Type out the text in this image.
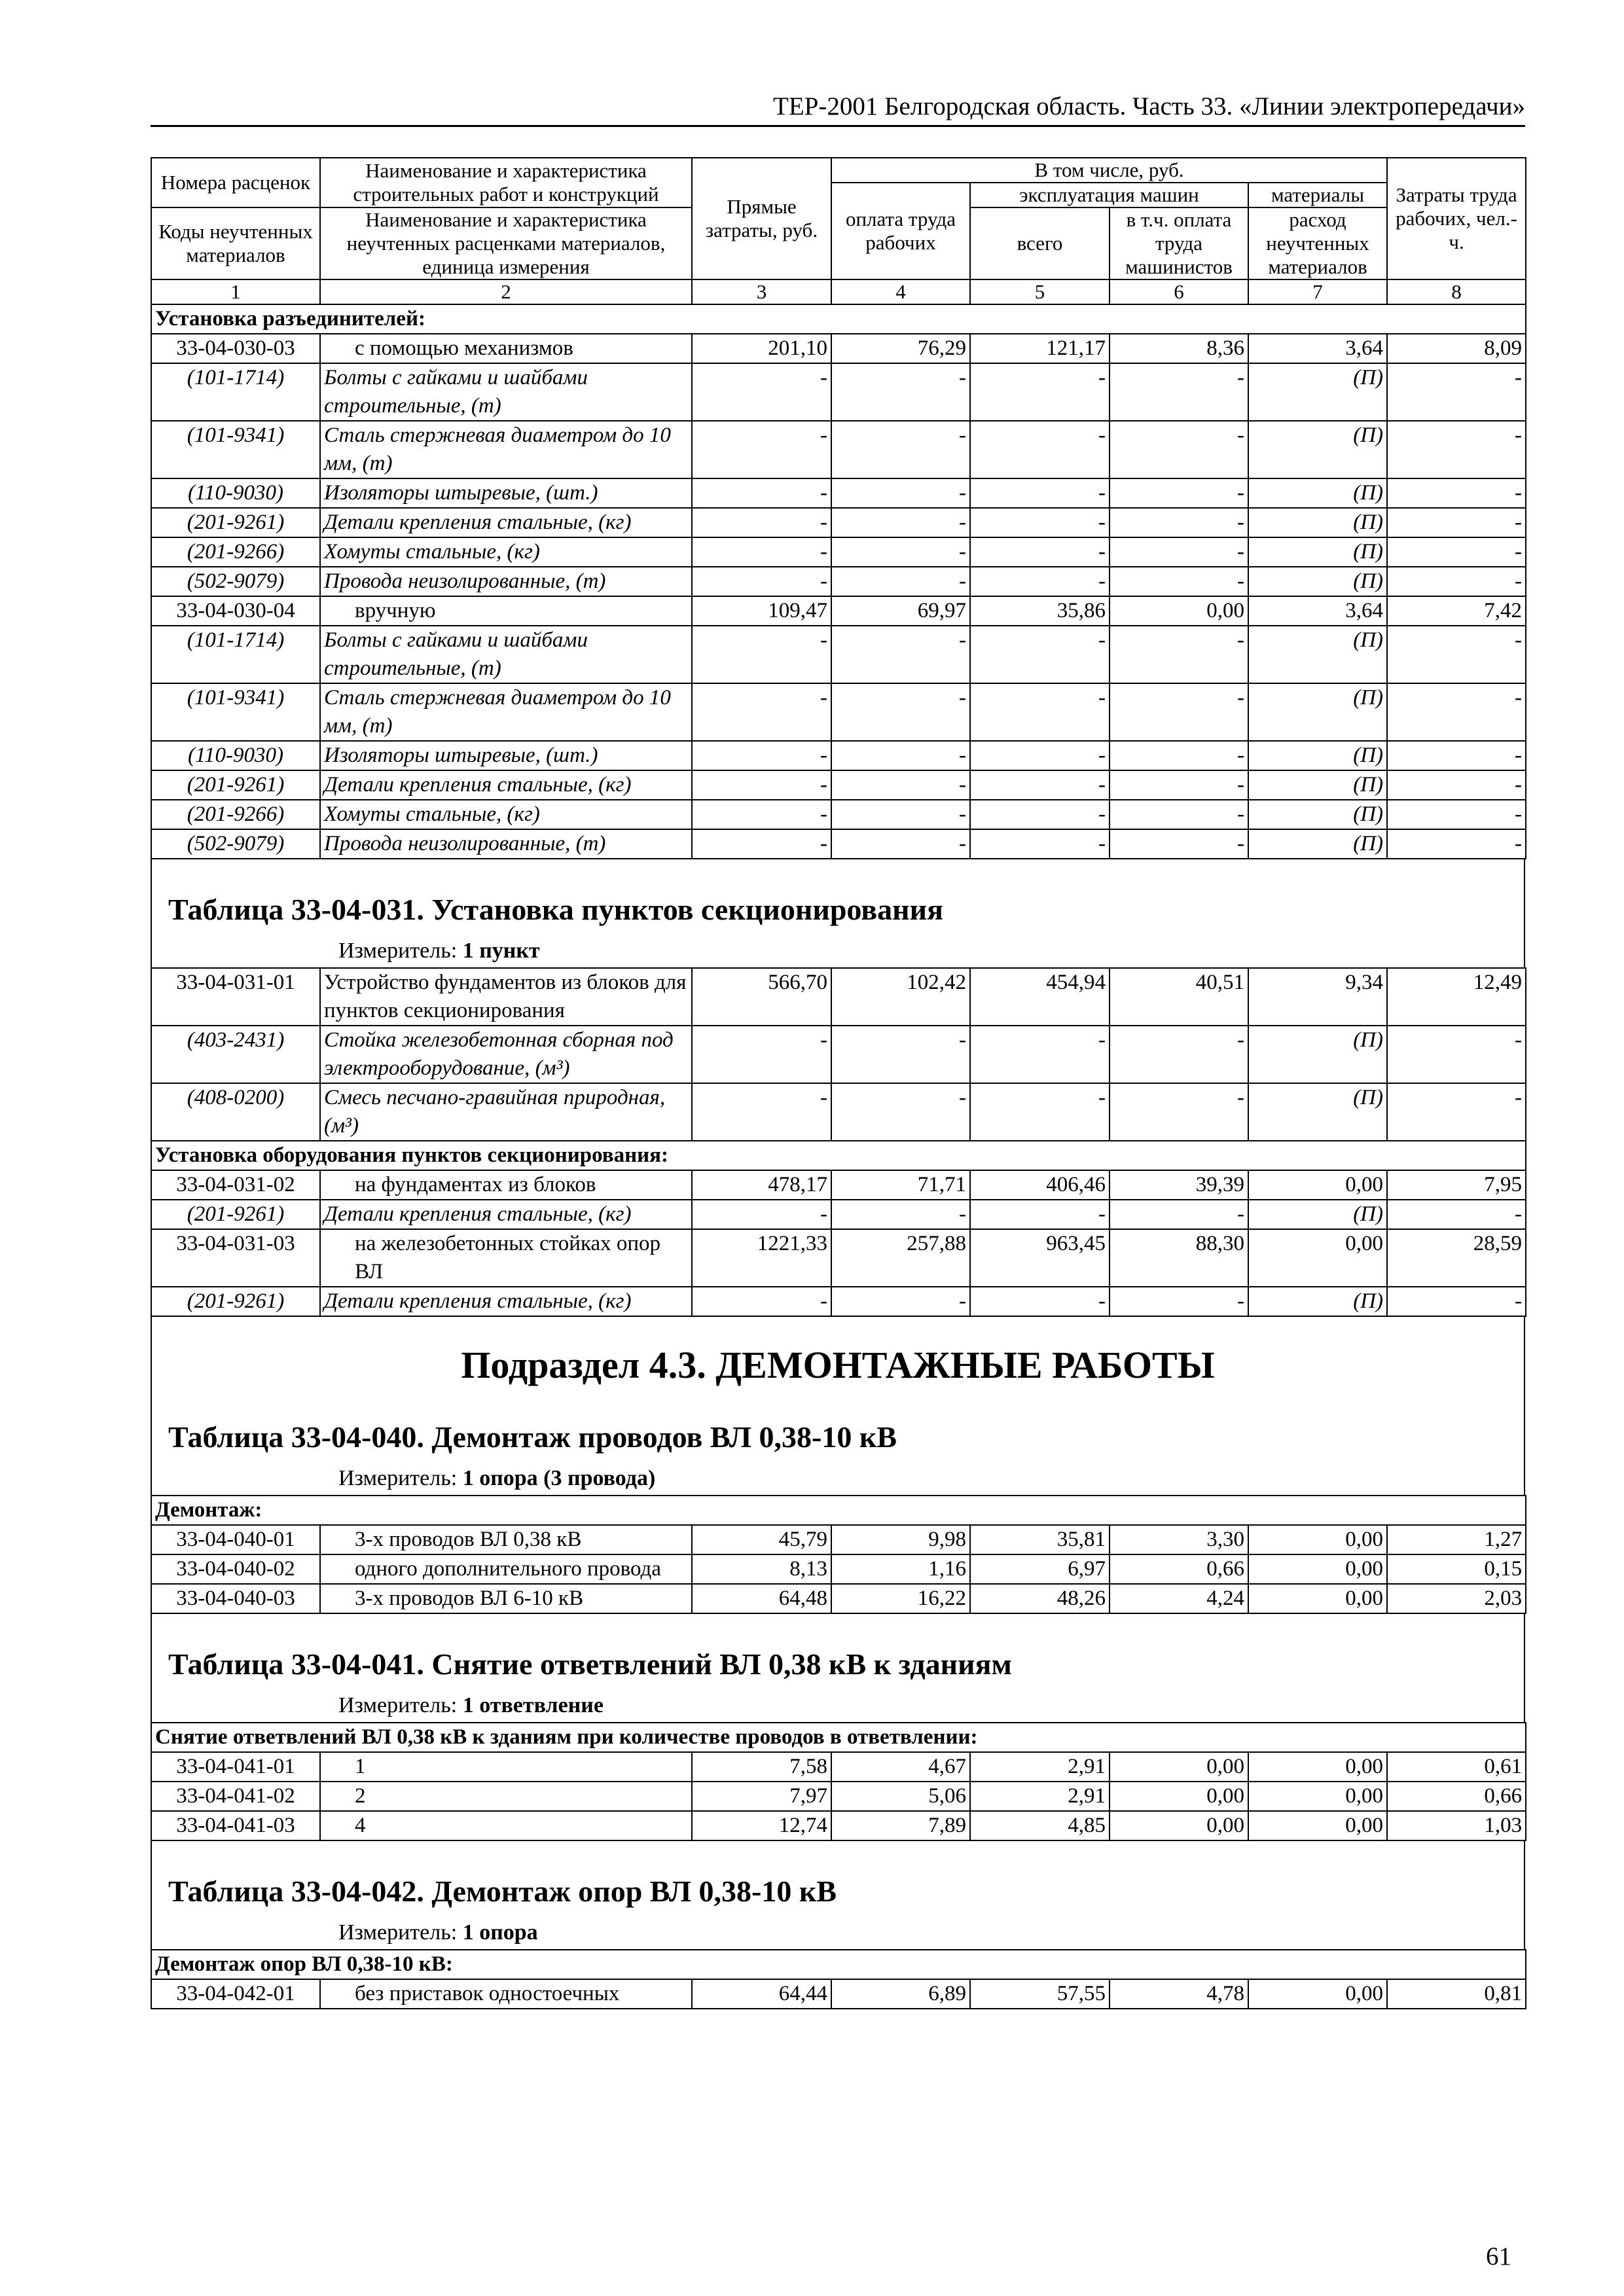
ТЕР-2001 Белгородская область. Часть 33. «Линии электропередачи»
Номера расценок	Наименование и характеристика строительных работ и конструкций	Прямые затраты, руб.	В том числе, руб.				Затраты труда рабочих, чел.-ч.
			оплата труда рабочих	эксплуатация машин		материалы	
Коды неучтенных материалов	Наименование и характеристика неучтенных расценками материалов, единица измерения			всего	в т.ч. оплата труда машинистов	расход неучтенных материалов	

1	2	3	4	5	6	7	8
Установка разъединителей:							
33-04-030-03	с помощью механизмов	201,10	76,29	121,17	8,36	3,64	8,09
(101-1714)	Болты с гайками и шайбами строительные, (т)	-	-	-	-	(П)	-
(101-9341)	Сталь стержневая диаметром до 10 мм, (т)	-	-	-	-	(П)	-
(110-9030)	Изоляторы штыревые, (шт.)	-	-	-	-	(П)	-
(201-9261)	Детали крепления стальные, (кг)	-	-	-	-	(П)	-
(201-9266)	Хомуты стальные, (кг)	-	-	-	-	(П)	-
(502-9079)	Провода неизолированные, (т)	-	-	-	-	(П)	-
33-04-030-04	вручную	109,47	69,97	35,86	0,00	3,64	7,42
(101-1714)	Болты с гайками и шайбами строительные, (т)	-	-	-	-	(П)	-
(101-9341)	Сталь стержневая диаметром до 10 мм, (т)	-	-	-	-	(П)	-
(110-9030)	Изоляторы штыревые, (шт.)	-	-	-	-	(П)	-
(201-9261)	Детали крепления стальные, (кг)	-	-	-	-	(П)	-
(201-9266)	Хомуты стальные, (кг)	-	-	-	-	(П)	-
(502-9079)	Провода неизолированные, (т)	-	-	-	-	(П)	-
Таблица 33-04-031. Установка пунктов секционирования
Измеритель: 1 пункт
33-04-031-01	Устройство фундаментов из блоков для пунктов секционирования	566,70	102,42	454,94	40,51	9,34	12,49
(403-2431)	Стойка железобетонная сборная под электрооборудование, (м³)	-	-	-	-	(П)	-
(408-0200)	Смесь песчано-гравийная природная, (м³)	-	-	-	-	(П)	-
Установка оборудования пунктов секционирования:							
33-04-031-02	на фундаментах из блоков	478,17	71,71	406,46	39,39	0,00	7,95
(201-9261)	Детали крепления стальные, (кг)	-	-	-	-	(П)	-
33-04-031-03	на железобетонных стойках опор ВЛ	1221,33	257,88	963,45	88,30	0,00	28,59
(201-9261)	Детали крепления стальные, (кг)	-	-	-	-	(П)	-
Подраздел 4.3. ДЕМОНТАЖНЫЕ РАБОТЫ
Таблица 33-04-040. Демонтаж проводов ВЛ 0,38-10 кВ
Измеритель: 1 опора (3 провода)
Демонтаж:							
33-04-040-01	3-х проводов ВЛ 0,38 кВ	45,79	9,98	35,81	3,30	0,00	1,27
33-04-040-02	одного дополнительного провода	8,13	1,16	6,97	0,66	0,00	0,15
33-04-040-03	3-х проводов ВЛ 6-10 кВ	64,48	16,22	48,26	4,24	0,00	2,03
Таблица 33-04-041. Снятие ответвлений ВЛ 0,38 кВ к зданиям
Измеритель: 1 ответвление
Снятие ответвлений ВЛ 0,38 кВ к зданиям при количестве проводов в ответвлении:							
33-04-041-01	1	7,58	4,67	2,91	0,00	0,00	0,61
33-04-041-02	2	7,97	5,06	2,91	0,00	0,00	0,66
33-04-041-03	4	12,74	7,89	4,85	0,00	0,00	1,03
Таблица 33-04-042. Демонтаж опор ВЛ 0,38-10 кВ
Измеритель: 1 опора
Демонтаж опор ВЛ 0,38-10 кВ:
33-04-042-01	без приставок одностоечных	64,44	6,89	57,55	4,78	0,00	0,81
61
